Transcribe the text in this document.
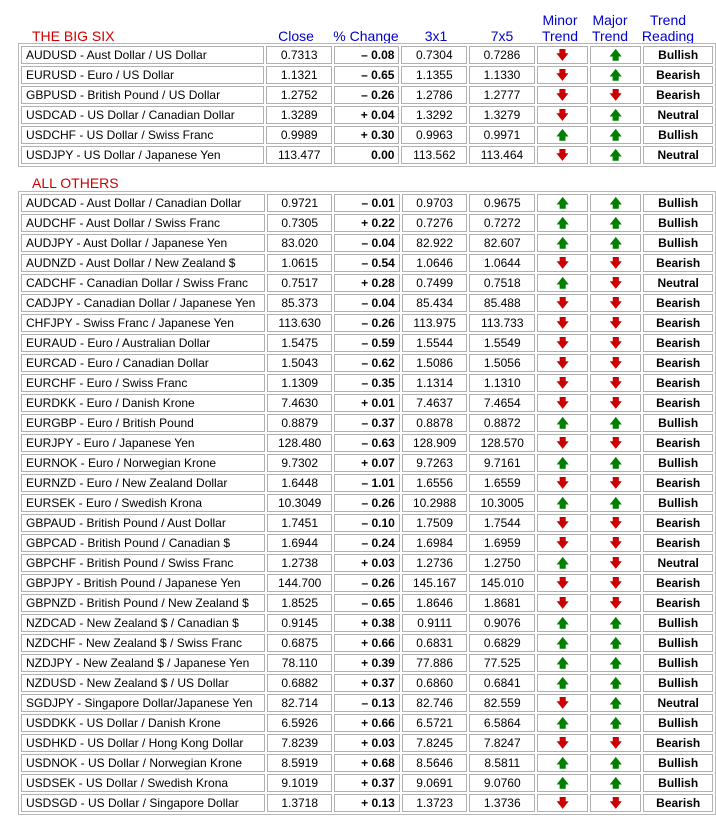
Close	% Change	3x1	7x5
Minor
Trend
Major
Trend
Trend
Reading
THE BIG SIX
AUDUSD - Aust Dollar / US Dollar	0.7313	– 0.08	0.7304	0.7286	🡇	🡅	Bullish
EURUSD - Euro / US Dollar	1.1321	– 0.65	1.1355	1.1330	🡇	🡅	Bearish
GBPUSD - British Pound / US Dollar	1.2752	– 0.26	1.2786	1.2777	🡇	🡇	Bearish
USDCAD - US Dollar / Canadian Dollar	1.3289	+ 0.04	1.3292	1.3279	🡇	🡅	Neutral
USDCHF - US Dollar / Swiss Franc	0.9989	+ 0.30	0.9963	0.9971	🡅	🡅	Bullish
USDJPY - US Dollar / Japanese Yen	113.477	0.00	113.562	113.464	🡇	🡅	Neutral
ALL OTHERS
AUDCAD - Aust Dollar / Canadian Dollar	0.9721	– 0.01	0.9703	0.9675	🡅	🡅	Bullish
AUDCHF - Aust Dollar / Swiss Franc	0.7305	+ 0.22	0.7276	0.7272	🡅	🡅	Bullish
AUDJPY - Aust Dollar / Japanese Yen	83.020	– 0.04	82.922	82.607	🡅	🡅	Bullish
AUDNZD - Aust Dollar / New Zealand $	1.0615	– 0.54	1.0646	1.0644	🡇	🡇	Bearish
CADCHF - Canadian Dollar / Swiss Franc	0.7517	+ 0.28	0.7499	0.7518	🡅	🡇	Neutral
CADJPY - Canadian Dollar / Japanese Yen	85.373	– 0.04	85.434	85.488	🡇	🡇	Bearish
CHFJPY - Swiss Franc / Japanese Yen	113.630	– 0.26	113.975	113.733	🡇	🡇	Bearish
EURAUD - Euro / Australian Dollar	1.5475	– 0.59	1.5544	1.5549	🡇	🡇	Bearish
EURCAD - Euro / Canadian Dollar	1.5043	– 0.62	1.5086	1.5056	🡇	🡇	Bearish
EURCHF - Euro / Swiss Franc	1.1309	– 0.35	1.1314	1.1310	🡇	🡇	Bearish
EURDKK - Euro / Danish Krone	7.4630	+ 0.01	7.4637	7.4654	🡇	🡇	Bearish
EURGBP - Euro / British Pound	0.8879	– 0.37	0.8878	0.8872	🡅	🡅	Bullish
EURJPY - Euro / Japanese Yen	128.480	– 0.63	128.909	128.570	🡇	🡇	Bearish
EURNOK - Euro / Norwegian Krone	9.7302	+ 0.07	9.7263	9.7161	🡅	🡅	Bullish
EURNZD - Euro / New Zealand Dollar	1.6448	– 1.01	1.6556	1.6559	🡇	🡇	Bearish
EURSEK - Euro / Swedish Krona	10.3049	– 0.26	10.2988	10.3005	🡅	🡅	Bullish
GBPAUD - British Pound / Aust Dollar	1.7451	– 0.10	1.7509	1.7544	🡇	🡇	Bearish
GBPCAD - British Pound / Canadian $	1.6944	– 0.24	1.6984	1.6959	🡇	🡇	Bearish
GBPCHF - British Pound / Swiss Franc	1.2738	+ 0.03	1.2736	1.2750	🡅	🡇	Neutral
GBPJPY - British Pound / Japanese Yen	144.700	– 0.26	145.167	145.010	🡇	🡇	Bearish
GBPNZD - British Pound / New Zealand $	1.8525	– 0.65	1.8646	1.8681	🡇	🡇	Bearish
NZDCAD - New Zealand $ / Canadian $	0.9145	+ 0.38	0.9111	0.9076	🡅	🡅	Bullish
NZDCHF - New Zealand $ / Swiss Franc	0.6875	+ 0.66	0.6831	0.6829	🡅	🡅	Bullish
NZDJPY - New Zealand $ / Japanese Yen	78.110	+ 0.39	77.886	77.525	🡅	🡅	Bullish
NZDUSD - New Zealand $ / US Dollar	0.6882	+ 0.37	0.6860	0.6841	🡅	🡅	Bullish
SGDJPY - Singapore Dollar/Japanese Yen	82.714	– 0.13	82.746	82.559	🡇	🡅	Neutral
USDDKK - US Dollar / Danish Krone	6.5926	+ 0.66	6.5721	6.5864	🡅	🡅	Bullish
USDHKD - US Dollar / Hong Kong Dollar	7.8239	+ 0.03	7.8245	7.8247	🡇	🡇	Bearish
USDNOK - US Dollar / Norwegian Krone	8.5919	+ 0.68	8.5646	8.5811	🡅	🡅	Bullish
USDSEK - US Dollar / Swedish Krona	9.1019	+ 0.37	9.0691	9.0760	🡅	🡅	Bullish
USDSGD - US Dollar / Singapore Dollar	1.3718	+ 0.13	1.3723	1.3736	🡇	🡇	Bearish
